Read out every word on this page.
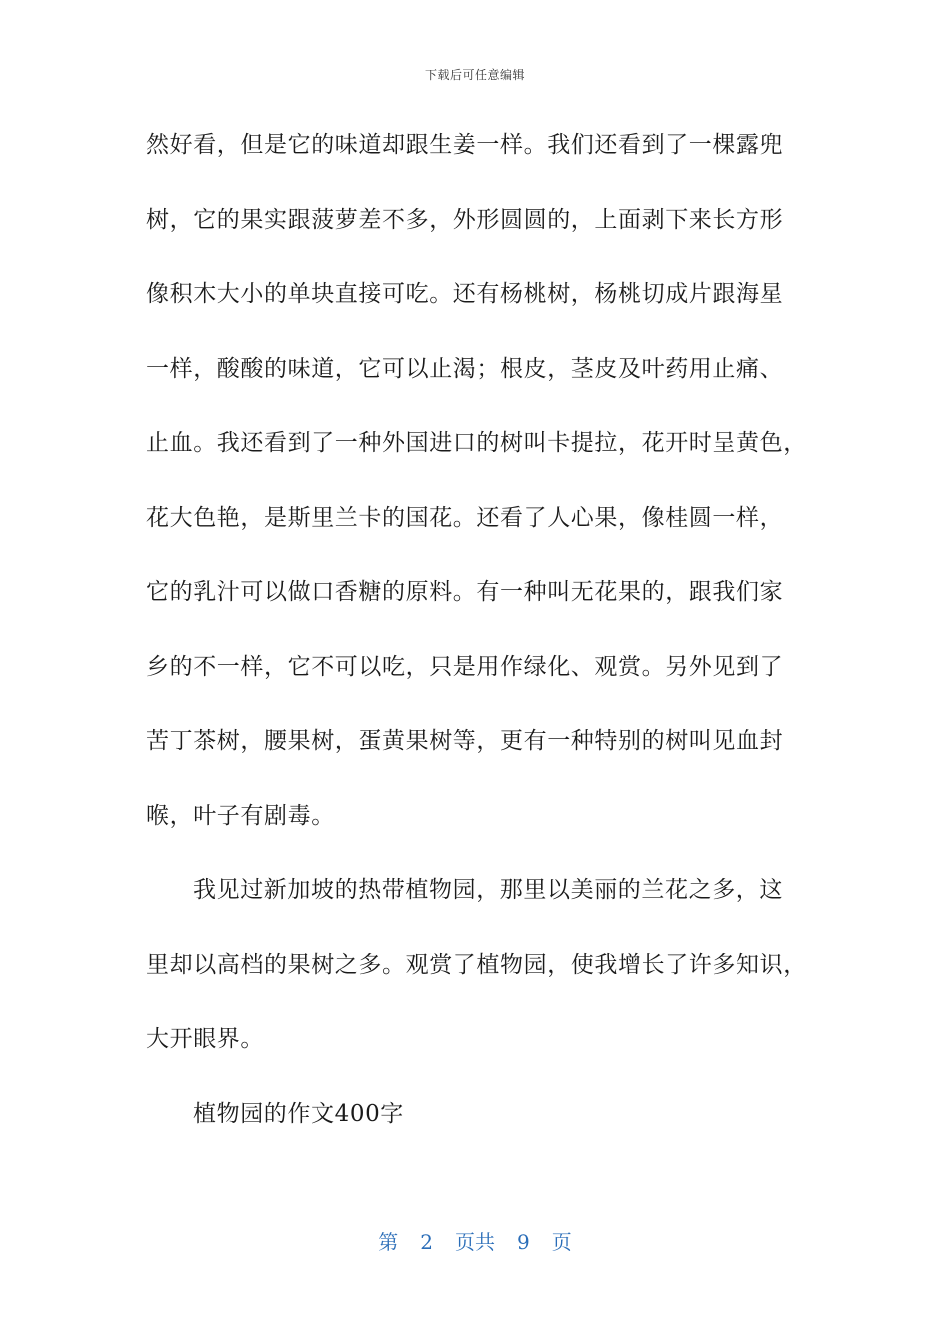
下载后可任意编辑
然好看，但是它的味道却跟生姜一样。我们还看到了一棵露兜
树，它的果实跟菠萝差不多，外形圆圆的，上面剥下来长方形
像积木大小的单块直接可吃。还有杨桃树，杨桃切成片跟海星
一样，酸酸的味道，它可以止渴；根皮，茎皮及叶药用止痛、
止血。我还看到了一种外国进口的树叫卡提拉，花开时呈黄色，
花大色艳，是斯里兰卡的国花。还看了人心果，像桂圆一样，
它的乳汁可以做口香糖的原料。有一种叫无花果的，跟我们家
乡的不一样，它不可以吃，只是用作绿化、观赏。另外见到了
苦丁茶树，腰果树，蛋黄果树等，更有一种特别的树叫见血封
喉，叶子有剧毒。
我见过新加坡的热带植物园，那里以美丽的兰花之多，这
里却以高档的果树之多。观赏了植物园，使我增长了许多知识，
大开眼界。
植物园的作文400字
第 2 页共 9 页
